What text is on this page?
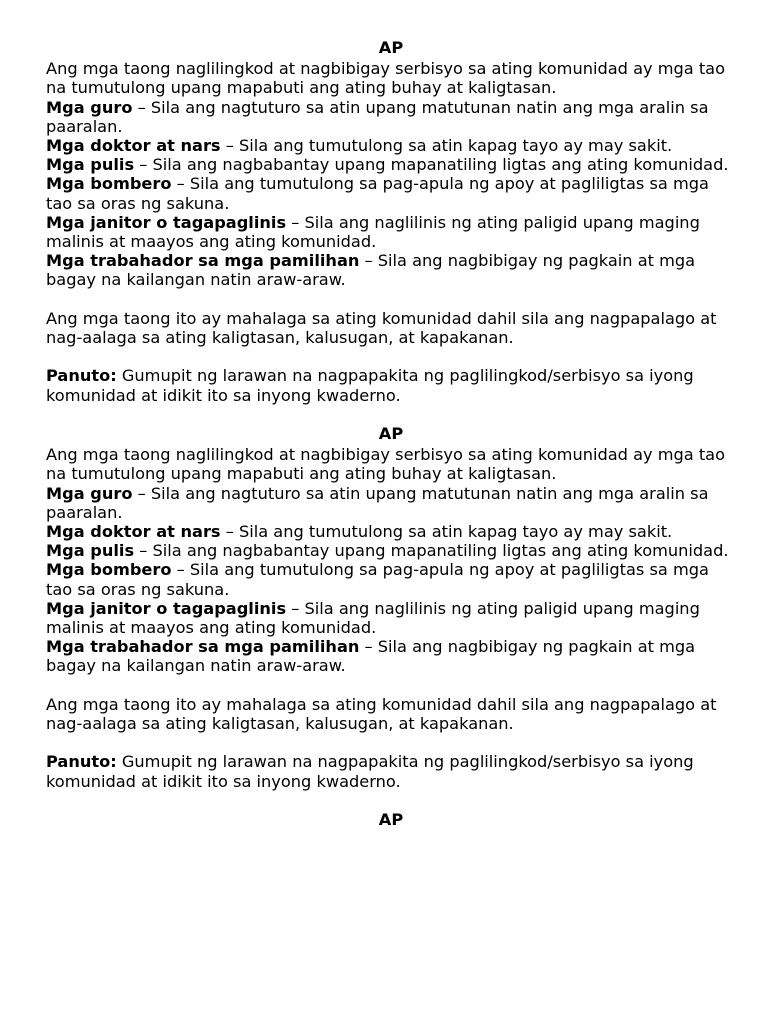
AP

Ang mga taong naglilingkod at nagbibigay serbisyo sa ating komunidad ay mga tao na tumutulong upang mapabuti ang ating buhay at kaligtasan.

Mga guro – Sila ang nagtuturo sa atin upang matutunan natin ang mga aralin sa paaralan.

Mga doktor at nars – Sila ang tumutulong sa atin kapag tayo ay may sakit.

Mga pulis – Sila ang nagbabantay upang mapanatiling ligtas ang ating komunidad.

Mga bombero – Sila ang tumutulong sa pag-apula ng apoy at pagliligtas sa mga tao sa oras ng sakuna.

Mga janitor o tagapaglinis – Sila ang naglilinis ng ating paligid upang maging malinis at maayos ang ating komunidad.

Mga trabahador sa mga pamilihan – Sila ang nagbibigay ng pagkain at mga bagay na kailangan natin araw-araw.

Ang mga taong ito ay mahalaga sa ating komunidad dahil sila ang nagpapalago at nag-aalaga sa ating kaligtasan, kalusugan, at kapakanan.

Panuto: Gumupit ng larawan na nagpapakita ng paglilingkod/serbisyo sa iyong komunidad at idikit ito sa inyong kwaderno.

AP

Ang mga taong naglilingkod at nagbibigay serbisyo sa ating komunidad ay mga tao na tumutulong upang mapabuti ang ating buhay at kaligtasan.

Mga guro – Sila ang nagtuturo sa atin upang matutunan natin ang mga aralin sa paaralan.

Mga doktor at nars – Sila ang tumutulong sa atin kapag tayo ay may sakit.

Mga pulis – Sila ang nagbabantay upang mapanatiling ligtas ang ating komunidad.

Mga bombero – Sila ang tumutulong sa pag-apula ng apoy at pagliligtas sa mga tao sa oras ng sakuna.

Mga janitor o tagapaglinis – Sila ang naglilinis ng ating paligid upang maging malinis at maayos ang ating komunidad.

Mga trabahador sa mga pamilihan – Sila ang nagbibigay ng pagkain at mga bagay na kailangan natin araw-araw.

Ang mga taong ito ay mahalaga sa ating komunidad dahil sila ang nagpapalago at nag-aalaga sa ating kaligtasan, kalusugan, at kapakanan.

Panuto: Gumupit ng larawan na nagpapakita ng paglilingkod/serbisyo sa iyong komunidad at idikit ito sa inyong kwaderno.

AP
